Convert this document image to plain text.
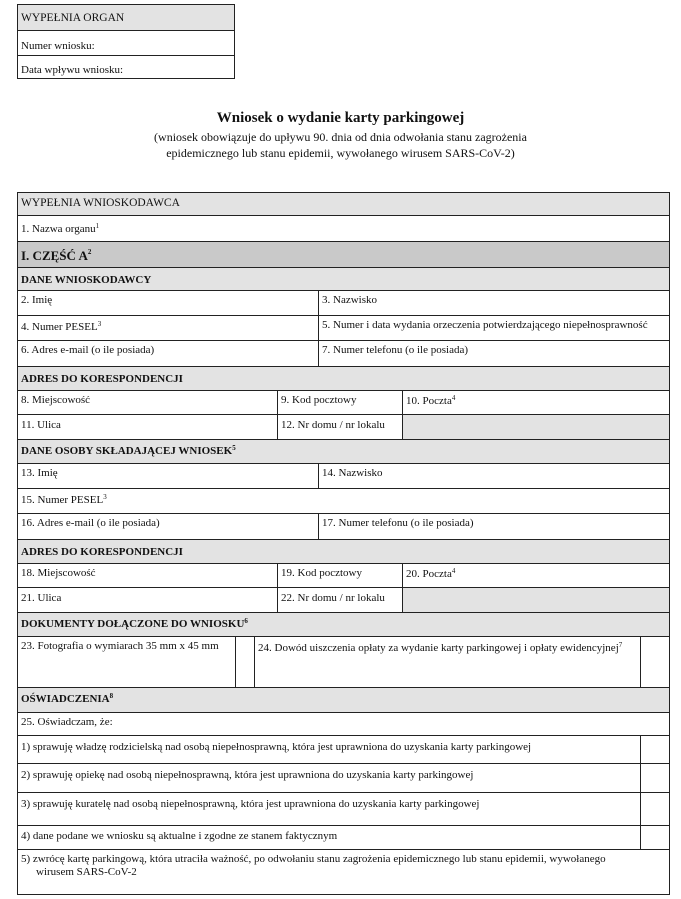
WYPEŁNIA ORGAN
Numer wniosku:
Data wpływu wniosku:
Wniosek o wydanie karty parkingowej
(wniosek obowiązuje do upływu 90. dnia od dnia odwołania stanu zagrożenia
epidemicznego lub stanu epidemii, wywołanego wirusem SARS-CoV-2)
WYPEŁNIA WNIOSKODAWCA
1. Nazwa organu$^1$
I. CZĘŚĆ $A^2$
DANE WNIOSKODAWCY
2. Imię	3. Nazwisko
4. Numer PESEL$^3$	5. Numer i data wydania orzeczenia potwierdzającego niepełnosprawność
6. Adres e-mail (o ile posiada)	7. Numer telefonu (o ile posiada)
ADRES DO KORESPONDENCJI
8. Miejscowość	9. Kod pocztowy	10. Poczta$^4$
11. Ulica	12. Nr domu / nr lokalu
DANE OSOBY SKŁADAJĄCEJ WNIOSEK$^5$
13. Imię	14. Nazwisko
15. Numer PESEL$^3$
16. Adres e-mail (o ile posiada)	17. Numer telefonu (o ile posiada)
ADRES DO KORESPONDENCJI
18. Miejscowość	19. Kod pocztowy	20. Poczta$^4$
21. Ulica	22. Nr domu / nr lokalu
DOKUMENTY DOŁĄCZONE DO WNIOSKU$^6$
23. Fotografia o wymiarach 35 mm x 45 mm	24. Dowód uiszczenia opłaty za wydanie karty parkingowej i opłaty ewidencyjnej$^7$
OŚWIADCZENIA$^8$
25. Oświadczam, że:
1) sprawuję władzę rodzicielską nad osobą niepełnosprawną, która jest uprawniona do uzyskania karty parkingowej
2) sprawuję opiekę nad osobą niepełnosprawną, która jest uprawniona do uzyskania karty parkingowej
3) sprawuję kuratelę nad osobą niepełnosprawną, która jest uprawniona do uzyskania karty parkingowej
4) dane podane we wniosku są aktualne i zgodne ze stanem faktycznym
5) zwrócę kartę parkingową, która utraciła ważność, po odwołaniu stanu zagrożenia epidemicznego lub stanu epidemii, wywołanego
wirusem SARS-CoV-2
